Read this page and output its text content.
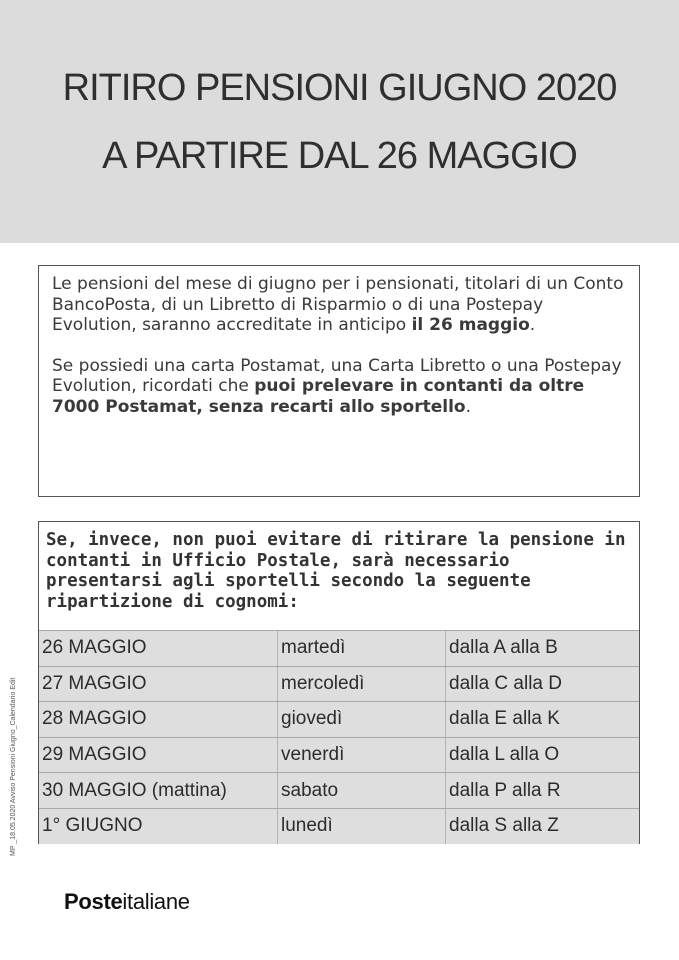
RITIRO PENSIONI GIUGNO 2020
A PARTIRE DAL 26 MAGGIO

Le pensioni del mese di giugno per i pensionati, titolari di un Conto BancoPosta, di un Libretto di Risparmio o di una Postepay Evolution, saranno accreditate in anticipo il 26 maggio.

Se possiedi una carta Postamat, una Carta Libretto o una Postepay Evolution, ricordati che puoi prelevare in contanti da oltre 7000 Postamat, senza recarti allo sportello.

Se, invece, non puoi evitare di ritirare la pensione in contanti in Ufficio Postale, sarà necessario presentarsi agli sportelli secondo la seguente ripartizione di cognomi:
26 MAGGIO	martedì	dalla A alla B
27 MAGGIO	mercoledì	dalla C alla D
28 MAGGIO	giovedì	dalla E alla K
29 MAGGIO	venerdì	dalla L alla O
30 MAGGIO (mattina)	sabato	dalla P alla R
1° GIUGNO	lunedì	dalla S alla Z
MP _18.05.2020 Avviso Pensioni Giugno_Calendario Edit
Posteitaliane
